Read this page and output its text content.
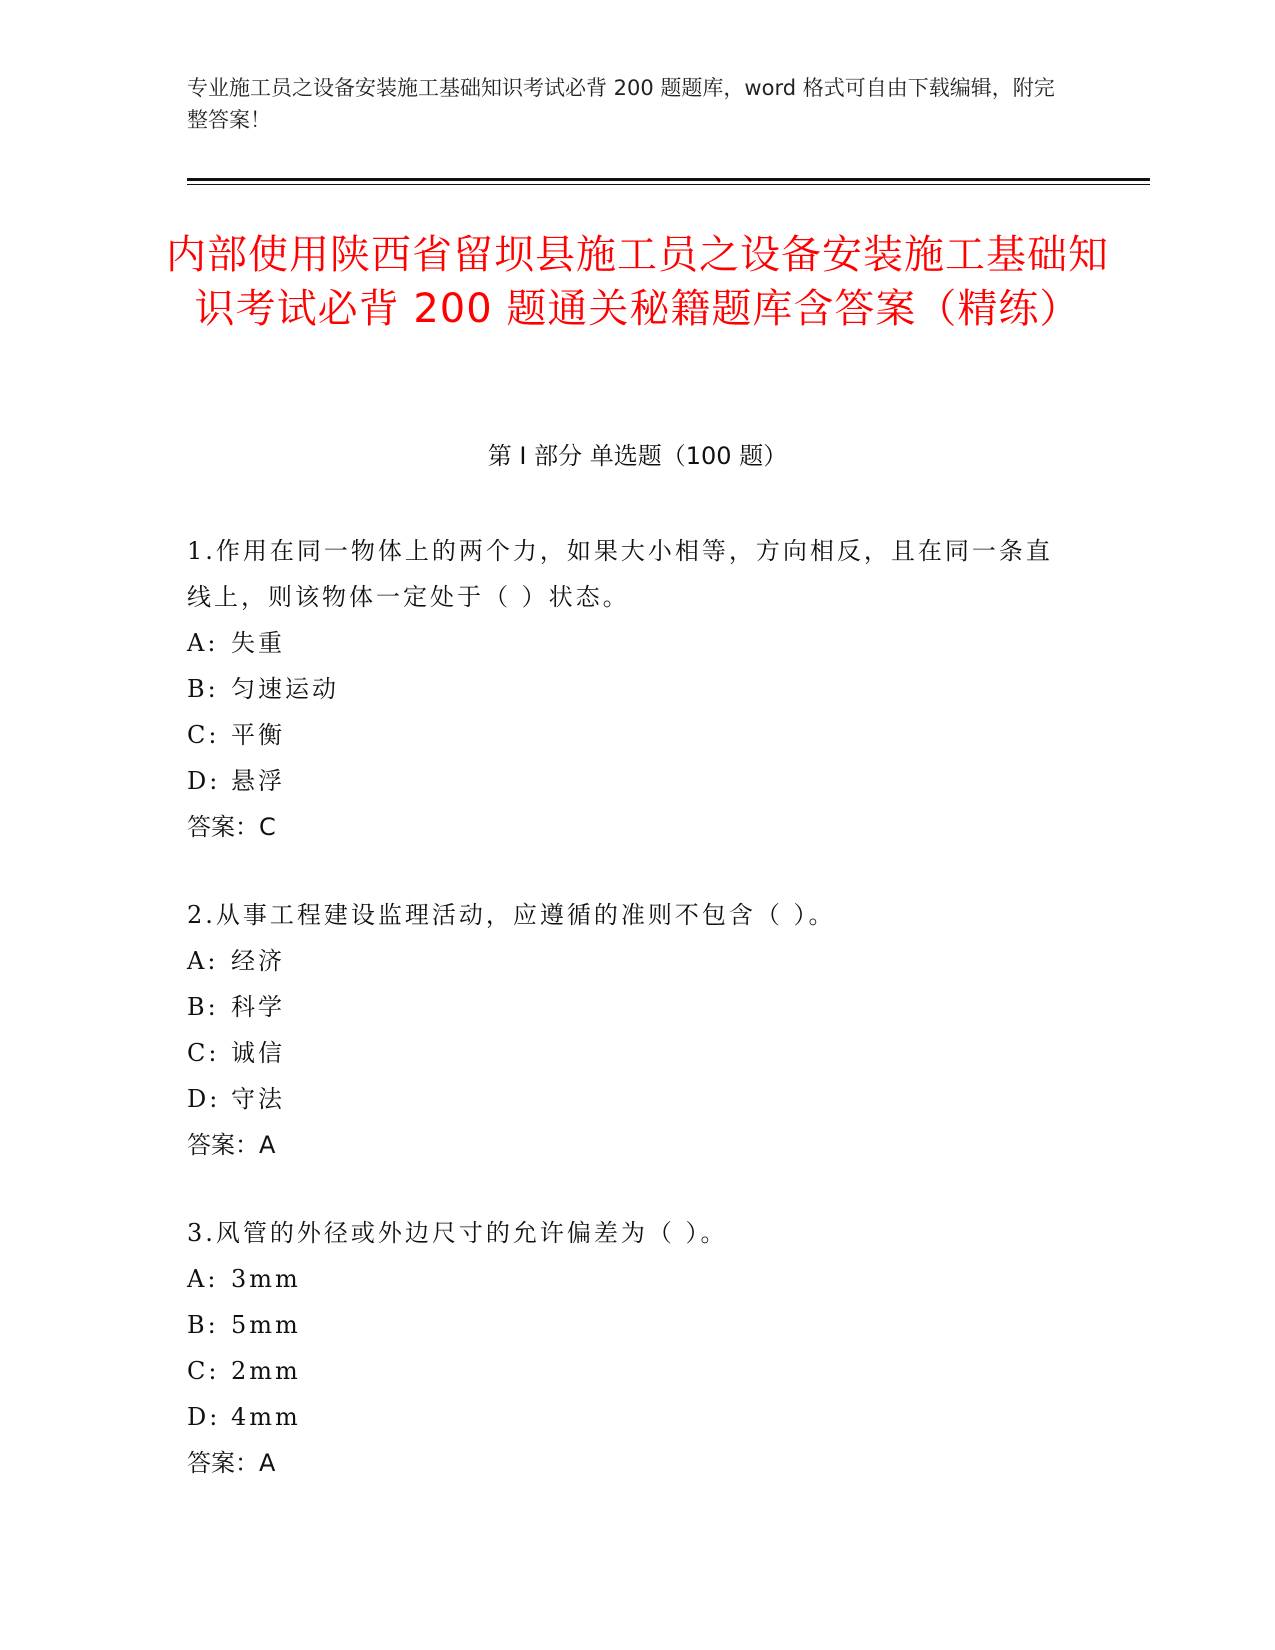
专业施工员之设备安装施工基础知识考试必背 200 题题库，word 格式可自由下载编辑，附完整答案！
内部使用陕西省留坝县施工员之设备安装施工基础知识考试必背 200 题通关秘籍题库含答案（精练）
第 I 部分 单选题（100 题）
1.作用在同一物体上的两个力，如果大小相等，方向相反，且在同一条直线上，则该物体一定处于（ ）状态。
A: 失重
B: 匀速运动
C: 平衡
D: 悬浮
答案：C
2.从事工程建设监理活动，应遵循的准则不包含（ ）。
A: 经济
B: 科学
C: 诚信
D: 守法
答案：A
3.风管的外径或外边尺寸的允许偏差为（ ）。
A: 3mm
B: 5mm
C: 2mm
D: 4mm
答案：A
